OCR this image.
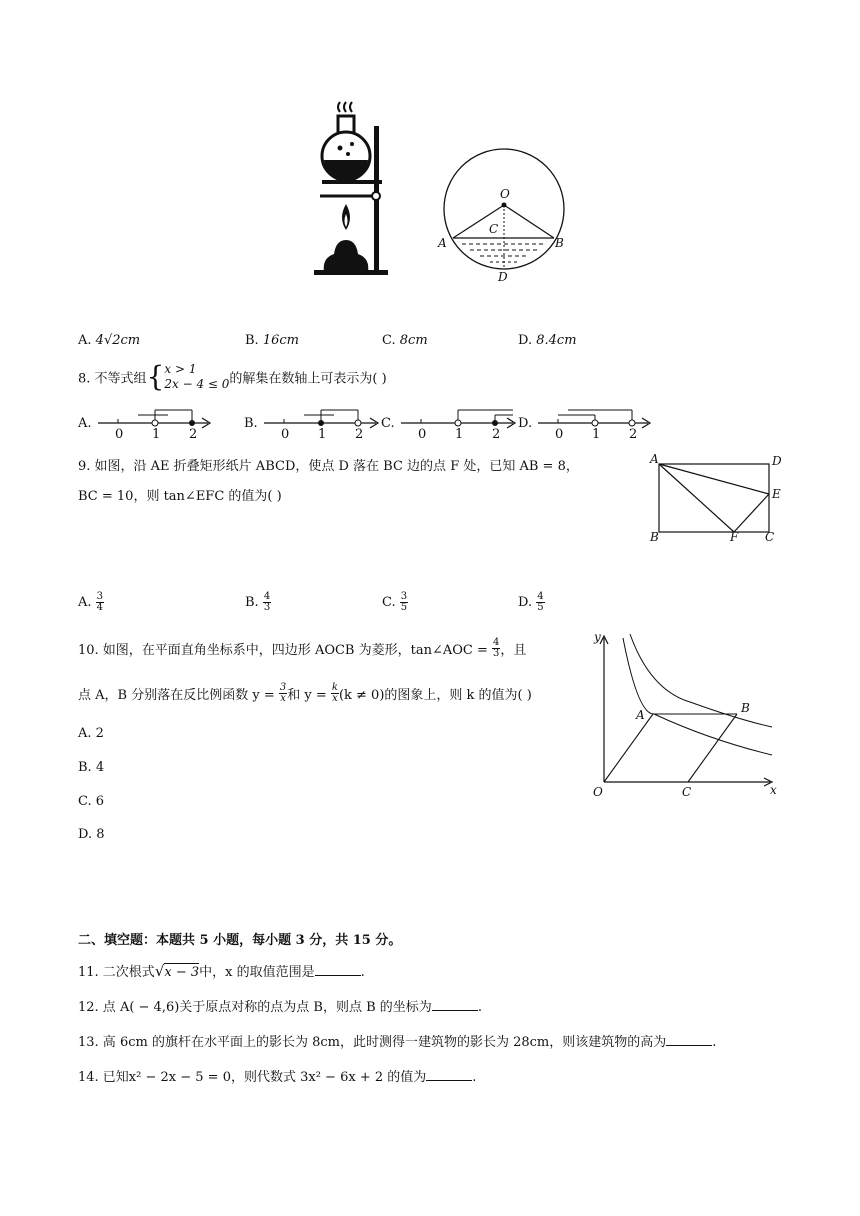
O
A	B
C
D
A. 4√2cm	B. 16cm	C. 8cm	D. 8.4cm
8. 不等式组{ x > 1
2x − 4 ≤ 0 的解集在数轴上可表示为( )
A.
0 1 2
B.
0 1 2
C.
0 1 2
D.
0 1 2
9. 如图，沿 AE 折叠矩形纸片 ABCD，使点 D 落在 BC 边的点 F 处，已知 AB = 8，
BC = 10，则 tan∠EFC 的值为( )
A	D
E
B	F C
A. $\frac{3}{4}$	B. $\frac{4}{3}$	C. $\frac{3}{5}$	D. $\frac{4}{5}$
10. 如图，在平面直角坐标系中，四边形 AOCB 为菱形，tan∠AOC = $\frac{4}{3}$ ，且
点 A，B 分别落在反比例函数 $y = \frac{3}{x}$ 和 $y = \frac{k}{x} (k \ne 0)$的图象上，则 k 的值为( )
A. 2
B. 4
C. 6
D. 8
y
x
O
A	B
C
二、填空题：本题共 5 小题，每小题 3 分，共 15 分。
11. 二次根式√x − 3中，x 的取值范围是	.
12. 点 A( − 4,6)关于原点对称的点为点 B，则点 B 的坐标为	.
13. 高 6cm 的旗杆在水平面上的影长为 8cm，此时测得一建筑物的影长为 28cm，则该建筑物的高为	.
14. 已知x² − 2x − 5 = 0，则代数式 3x² − 6x + 2 的值为	.
